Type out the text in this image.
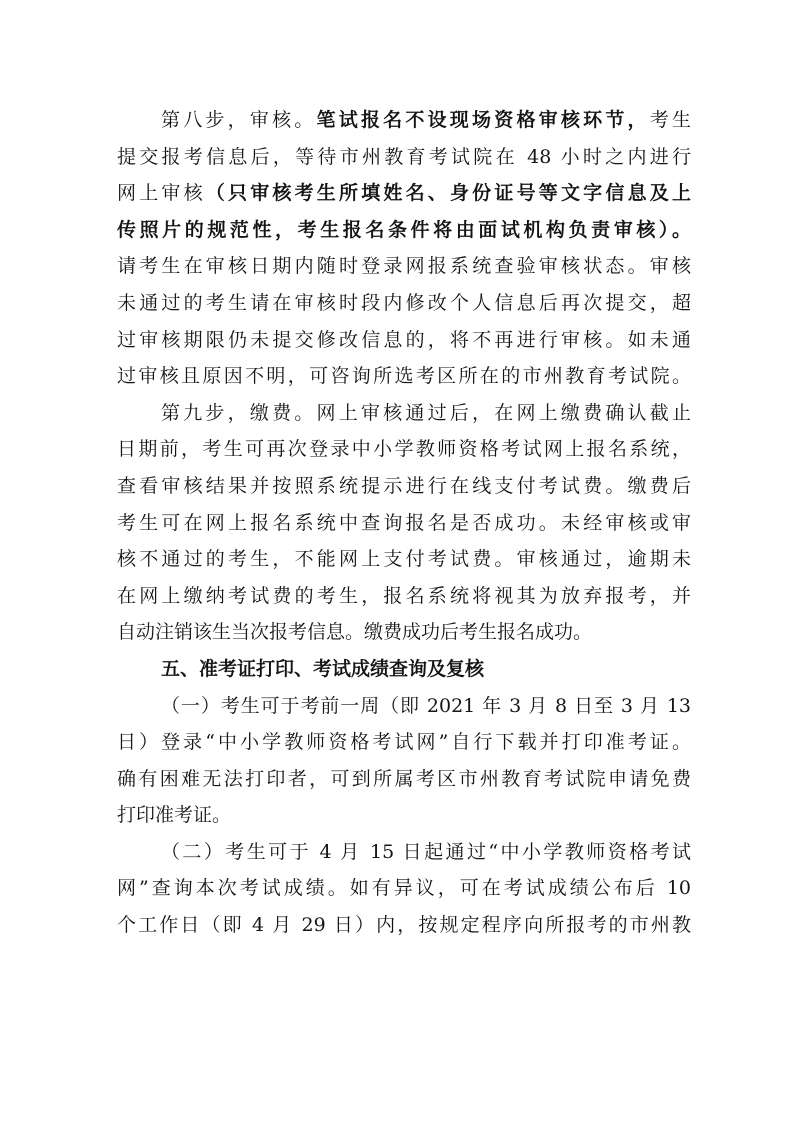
第八步，审核。笔试报名不设现场资格审核环节，考生
提交报考信息后，等待市州教育考试院在 48 小时之内进行
网上审核（只审核考生所填姓名、身份证号等文字信息及上
传照片的规范性，考生报名条件将由面试机构负责审核）。
请考生在审核日期内随时登录网报系统查验审核状态。审核
未通过的考生请在审核时段内修改个人信息后再次提交，超
过审核期限仍未提交修改信息的，将不再进行审核。如未通
过审核且原因不明，可咨询所选考区所在的市州教育考试院。
第九步，缴费。网上审核通过后，在网上缴费确认截止
日期前，考生可再次登录中小学教师资格考试网上报名系统，
查看审核结果并按照系统提示进行在线支付考试费。缴费后
考生可在网上报名系统中查询报名是否成功。未经审核或审
核不通过的考生，不能网上支付考试费。审核通过，逾期未
在网上缴纳考试费的考生，报名系统将视其为放弃报考，并
自动注销该生当次报考信息。缴费成功后考生报名成功。
五、准考证打印、考试成绩查询及复核
（一）考生可于考前一周（即 2021 年 3 月 8 日至 3 月 13
日）登录“中小学教师资格考试网”自行下载并打印准考证。
确有困难无法打印者，可到所属考区市州教育考试院申请免费
打印准考证。
（二）考生可于 4 月 15 日起通过“中小学教师资格考试
网”查询本次考试成绩。如有异议，可在考试成绩公布后 10
个工作日（即 4 月 29 日）内，按规定程序向所报考的市州教
